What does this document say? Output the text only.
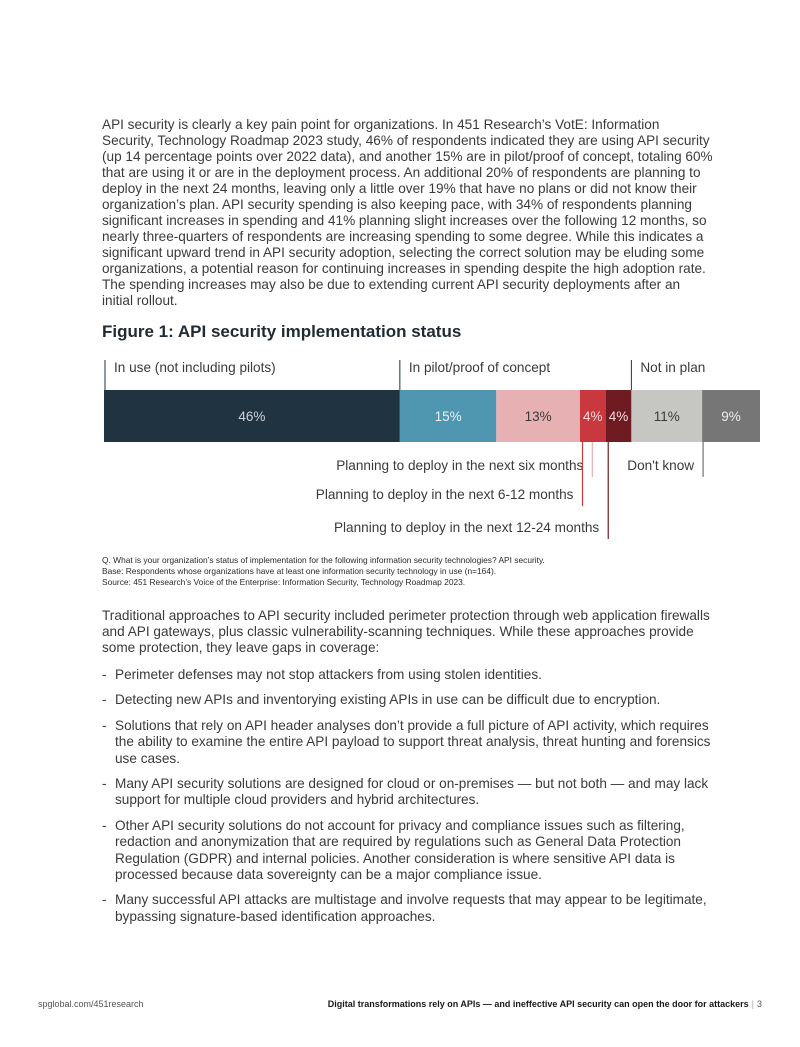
API security is clearly a key pain point for organizations. In 451 Research’s VotE: Information Security, Technology Roadmap 2023 study, 46% of respondents indicated they are using API security (up 14 percentage points over 2022 data), and another 15% are in pilot/proof of concept, totaling 60% that are using it or are in the deployment process. An additional 20% of respondents are planning to deploy in the next 24 months, leaving only a little over 19% that have no plans or did not know their organization’s plan. API security spending is also keeping pace, with 34% of respondents planning significant increases in spending and 41% planning slight increases over the following 12 months, so nearly three-quarters of respondents are increasing spending to some degree. While this indicates a significant upward trend in API security adoption, selecting the correct solution may be eluding some organizations, a potential reason for continuing increases in spending despite the high adoption rate. The spending increases may also be due to extending current API security deployments after an initial rollout.

Figure 1: API security implementation status
46%	15%	13% 4% 4% 11%	9%
In use (not including pilots)	In pilot/proof of concept	Not in plan
Planning to deploy in the next six months
Planning to deploy in the next 6-12 months
Planning to deploy in the next 12-24 months
Don't know
Q. What is your organization’s status of implementation for the following information security technologies? API security.
Base: Respondents whose organizations have at least one information security technology in use (n=164).
Source: 451 Research’s Voice of the Enterprise: Information Security, Technology Roadmap 2023.

Traditional approaches to API security included perimeter protection through web application firewalls and API gateways, plus classic vulnerability-scanning techniques. While these approaches provide some protection, they leave gaps in coverage:

- Perimeter defenses may not stop attackers from using stolen identities.
- Detecting new APIs and inventorying existing APIs in use can be difficult due to encryption.
- Solutions that rely on API header analyses don’t provide a full picture of API activity, which requires the ability to examine the entire API payload to support threat analysis, threat hunting and forensics use cases.
- Many API security solutions are designed for cloud or on-premises — but not both — and may lack support for multiple cloud providers and hybrid architectures.
- Other API security solutions do not account for privacy and compliance issues such as filtering, redaction and anonymization that are required by regulations such as General Data Protection Regulation (GDPR) and internal policies. Another consideration is where sensitive API data is processed because data sovereignty can be a major compliance issue.
- Many successful API attacks are multistage and involve requests that may appear to be legitimate, bypassing signature-based identification approaches.
spglobal.com/451research	Digital transformations rely on APIs — and ineffective API security can open the door for attackers | 3
